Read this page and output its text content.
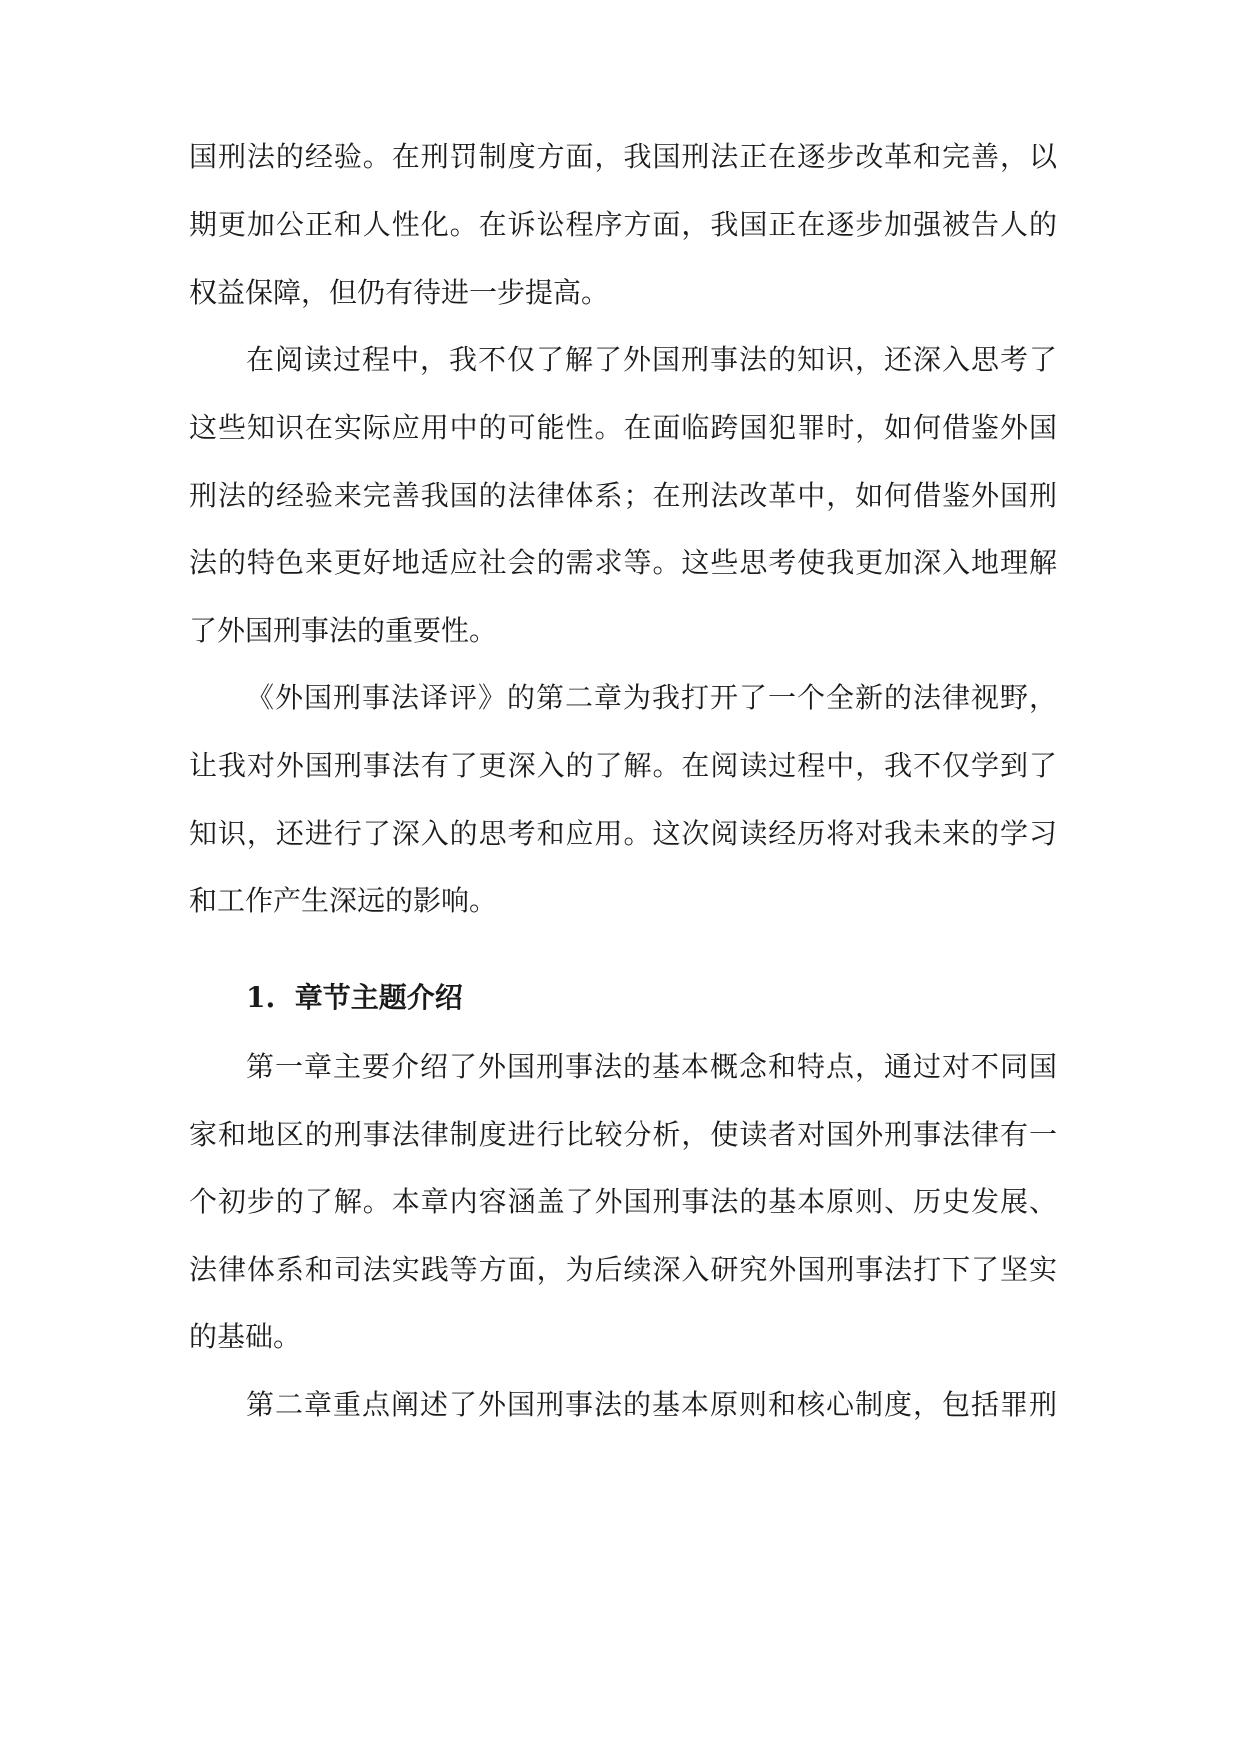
国刑法的经验。在刑罚制度方面，我国刑法正在逐步改革和完善，以
期更加公正和人性化。在诉讼程序方面，我国正在逐步加强被告人的
权益保障，但仍有待进一步提高。
在阅读过程中，我不仅了解了外国刑事法的知识，还深入思考了
这些知识在实际应用中的可能性。在面临跨国犯罪时，如何借鉴外国
刑法的经验来完善我国的法律体系；在刑法改革中，如何借鉴外国刑
法的特色来更好地适应社会的需求等。这些思考使我更加深入地理解
了外国刑事法的重要性。
《外国刑事法译评》的第二章为我打开了一个全新的法律视野，
让我对外国刑事法有了更深入的了解。在阅读过程中，我不仅学到了
知识，还进行了深入的思考和应用。这次阅读经历将对我未来的学习
和工作产生深远的影响。
1.  章节主题介绍
第一章主要介绍了外国刑事法的基本概念和特点，通过对不同国
家和地区的刑事法律制度进行比较分析，使读者对国外刑事法律有一
个初步的了解。本章内容涵盖了外国刑事法的基本原则、历史发展、
法律体系和司法实践等方面，为后续深入研究外国刑事法打下了坚实
的基础。
第二章重点阐述了外国刑事法的基本原则和核心制度，包括罪刑
